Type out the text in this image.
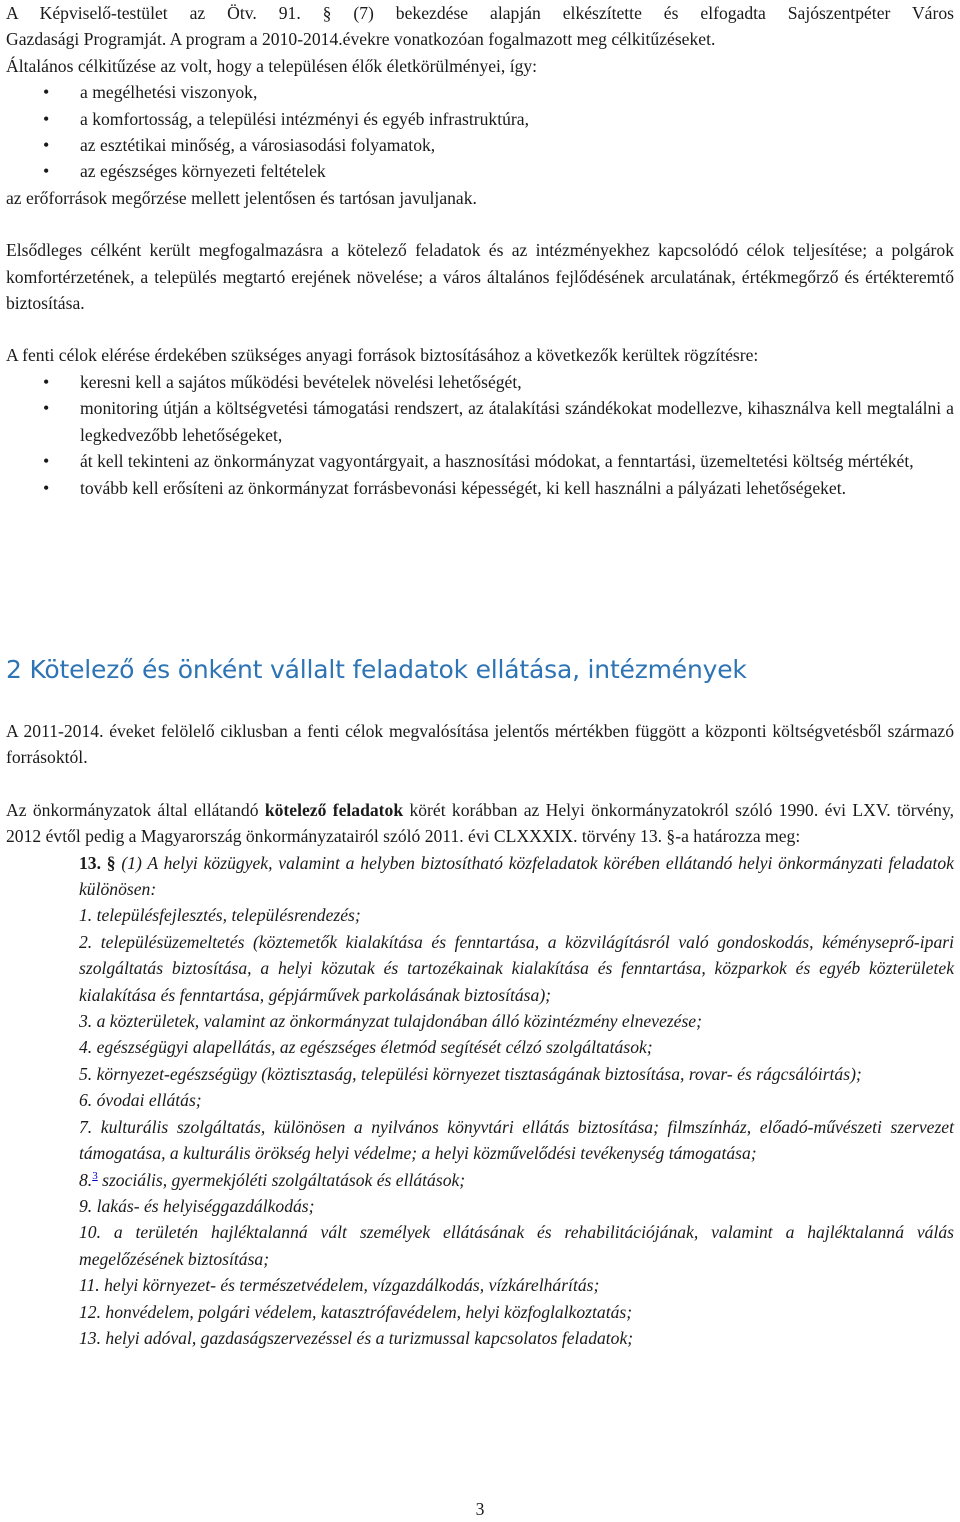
A Képviselő-testület az Ötv. 91. § (7) bekezdése alapján elkészítette és elfogadta Sajószentpéter Város

Gazdasági Programját. A program a 2010-2014.évekre vonatkozóan fogalmazott meg célkitűzéseket.

Általános célkitűzése az volt, hogy a településen élők életkörülményei, így:

• a megélhetési viszonyok,
• a komfortosság, a települési intézményi és egyéb infrastruktúra,
• az esztétikai minőség, a városiasodási folyamatok,
• az egészséges környezeti feltételek

az erőforrások megőrzése mellett jelentősen és tartósan javuljanak.

Elsődleges célként került megfogalmazásra a kötelező feladatok és az intézményekhez kapcsolódó célok teljesítése; a polgárok komfortérzetének, a település megtartó erejének növelése; a város általános fejlődésének arculatának, értékmegőrző és értékteremtő biztosítása.

A fenti célok elérése érdekében szükséges anyagi források biztosításához a következők kerültek rögzítésre:

• keresni kell a sajátos működési bevételek növelési lehetőségét,
• monitoring útján a költségvetési támogatási rendszert, az átalakítási szándékokat modellezve, kihasználva kell megtalálni a legkedvezőbb lehetőségeket,
• át kell tekinteni az önkormányzat vagyontárgyait, a hasznosítási módokat, a fenntartási, üzemeltetési költség mértékét,
• tovább kell erősíteni az önkormányzat forrásbevonási képességét, ki kell használni a pályázati lehetőségeket.
2 Kötelező és önként vállalt feladatok ellátása, intézmények

A 2011-2014. éveket felölelő ciklusban a fenti célok megvalósítása jelentős mértékben függött a központi költségvetésből származó forrásoktól.

Az önkormányzatok által ellátandó kötelező feladatok körét korábban az Helyi önkormányzatokról szóló 1990. évi LXV. törvény, 2012 évtől pedig a Magyarország önkormányzatairól szóló 2011. évi CLXXXIX. törvény 13. §-a határozza meg:

13. § (1) A helyi közügyek, valamint a helyben biztosítható közfeladatok körében ellátandó helyi önkormányzati feladatok különösen:

1. településfejlesztés, településrendezés;

2. településüzemeltetés (köztemetők kialakítása és fenntartása, a közvilágításról való gondoskodás, kéményseprő-ipari szolgáltatás biztosítása, a helyi közutak és tartozékainak kialakítása és fenntartása, közparkok és egyéb közterületek kialakítása és fenntartása, gépjárművek parkolásának biztosítása);

3. a közterületek, valamint az önkormányzat tulajdonában álló közintézmény elnevezése;

4. egészségügyi alapellátás, az egészséges életmód segítését célzó szolgáltatások;

5. környezet-egészségügy (köztisztaság, települési környezet tisztaságának biztosítása, rovar- és rágcsálóirtás);

6. óvodai ellátás;

7. kulturális szolgáltatás, különösen a nyilvános könyvtári ellátás biztosítása; filmszínház, előadó-művészeti szervezet támogatása, a kulturális örökség helyi védelme; a helyi közművelődési tevékenység támogatása;

8.$^3$ szociális, gyermekjóléti szolgáltatások és ellátások;

9. lakás- és helyiséggazdálkodás;

10. a területén hajléktalanná vált személyek ellátásának és rehabilitációjának, valamint a hajléktalanná válás megelőzésének biztosítása;

11. helyi környezet- és természetvédelem, vízgazdálkodás, vízkárelhárítás;

12. honvédelem, polgári védelem, katasztrófavédelem, helyi közfoglalkoztatás;

13. helyi adóval, gazdaságszervezéssel és a turizmussal kapcsolatos feladatok;

3
